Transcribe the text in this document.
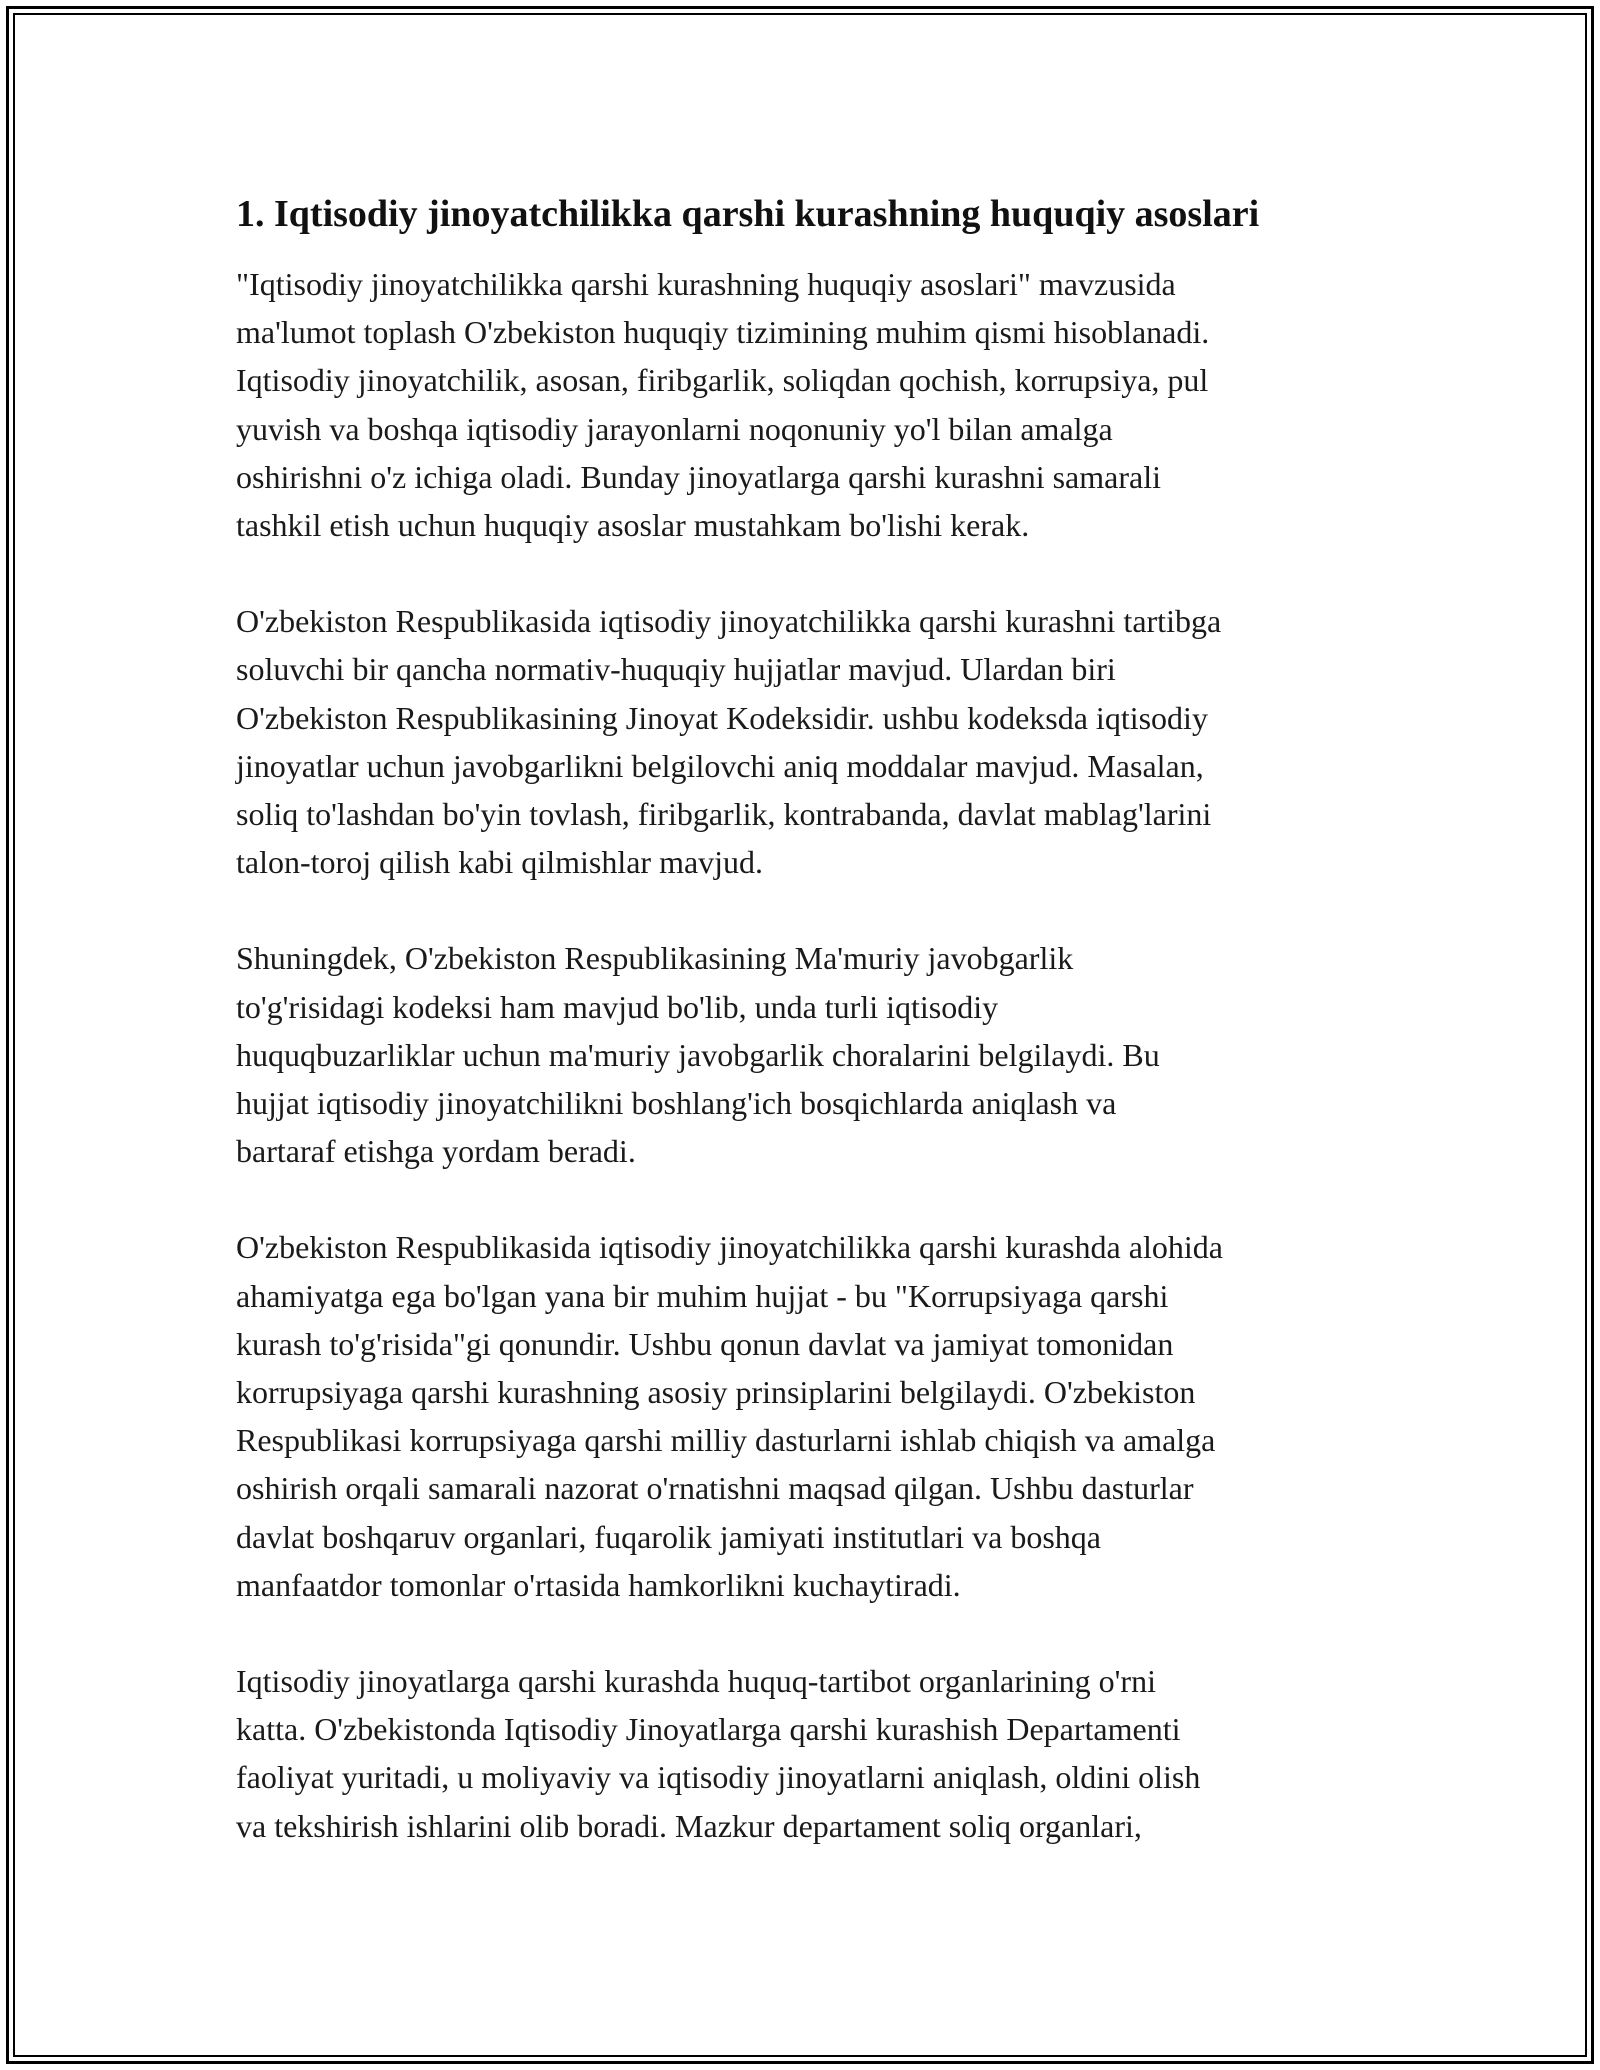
1. Iqtisodiy jinoyatchilikka qarshi kurashning huquqiy asoslari

"Iqtisodiy jinoyatchilikka qarshi kurashning huquqiy asoslari" mavzusida
ma'lumot toplash O'zbekiston huquqiy tizimining muhim qismi hisoblanadi.
Iqtisodiy jinoyatchilik, asosan, firibgarlik, soliqdan qochish, korrupsiya, pul
yuvish va boshqa iqtisodiy jarayonlarni noqonuniy yo'l bilan amalga
oshirishni o'z ichiga oladi. Bunday jinoyatlarga qarshi kurashni samarali
tashkil etish uchun huquqiy asoslar mustahkam bo'lishi kerak.

O'zbekiston Respublikasida iqtisodiy jinoyatchilikka qarshi kurashni tartibga
soluvchi bir qancha normativ-huquqiy hujjatlar mavjud. Ulardan biri
O'zbekiston Respublikasining Jinoyat Kodeksidir. ushbu kodeksda iqtisodiy
jinoyatlar uchun javobgarlikni belgilovchi aniq moddalar mavjud. Masalan,
soliq to'lashdan bo'yin tovlash, firibgarlik, kontrabanda, davlat mablag'larini
talon-toroj qilish kabi qilmishlar mavjud.

Shuningdek, O'zbekiston Respublikasining Ma'muriy javobgarlik
to'g'risidagi kodeksi ham mavjud bo'lib, unda turli iqtisodiy
huquqbuzarliklar uchun ma'muriy javobgarlik choralarini belgilaydi. Bu
hujjat iqtisodiy jinoyatchilikni boshlang'ich bosqichlarda aniqlash va
bartaraf etishga yordam beradi.

O'zbekiston Respublikasida iqtisodiy jinoyatchilikka qarshi kurashda alohida
ahamiyatga ega bo'lgan yana bir muhim hujjat - bu "Korrupsiyaga qarshi
kurash to'g'risida"gi qonundir. Ushbu qonun davlat va jamiyat tomonidan
korrupsiyaga qarshi kurashning asosiy prinsiplarini belgilaydi. O'zbekiston
Respublikasi korrupsiyaga qarshi milliy dasturlarni ishlab chiqish va amalga
oshirish orqali samarali nazorat o'rnatishni maqsad qilgan. Ushbu dasturlar
davlat boshqaruv organlari, fuqarolik jamiyati institutlari va boshqa
manfaatdor tomonlar o'rtasida hamkorlikni kuchaytiradi.

Iqtisodiy jinoyatlarga qarshi kurashda huquq-tartibot organlarining o'rni
katta. O'zbekistonda Iqtisodiy Jinoyatlarga qarshi kurashish Departamenti
faoliyat yuritadi, u moliyaviy va iqtisodiy jinoyatlarni aniqlash, oldini olish
va tekshirish ishlarini olib boradi. Mazkur departament soliq organlari,
